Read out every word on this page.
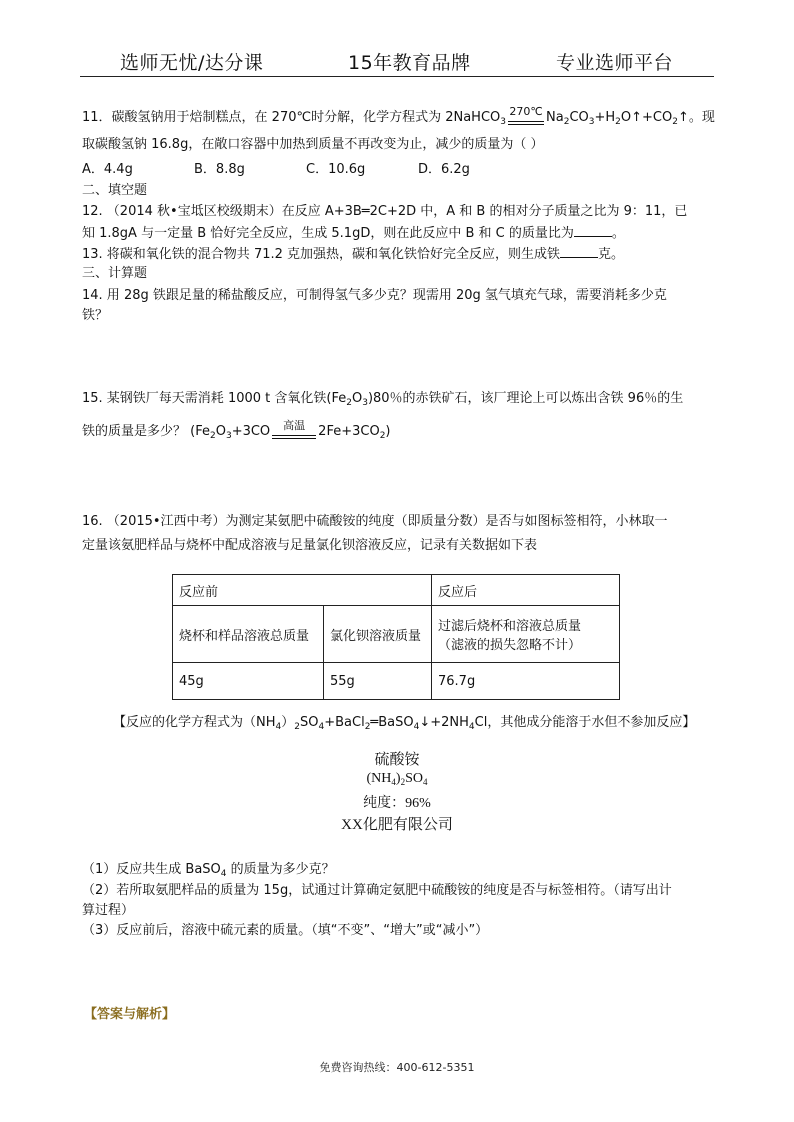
选师无忧/达分课	15年教育品牌	专业选师平台
11．碳酸氢钠用于焙制糕点，在 270℃时分解，化学方程式为 2NaHCO$_3$
270℃ $Na_2CO_3+H_2O↑+CO_2↑$。现
取碳酸氢钠 16.8g，在敞口容器中加热到质量不再改变为止，减少的质量为（ ）
A．4.4g	B．8.8g	C．10.6g	D．6.2g
二、填空题
12. （2014 秋•宝坻区校级期末）在反应 A+3B═2C+2D 中，A 和 B 的相对分子质量之比为 9：11，已
知 1.8gA 与一定量 B 恰好完全反应，生成 5.1gD，则在此反应中 B 和 C 的质量比为	。
13. 将碳和氧化铁的混合物共 71.2 克加强热，碳和氧化铁恰好完全反应，则生成铁	克。
三、计算题
14. 用 28g 铁跟足量的稀盐酸反应，可制得氢气多少克？现需用 20g 氢气填充气球，需要消耗多少克
铁？
15. 某钢铁厂每天需消耗 1000 t 含氧化铁$(Fe_2O_3)80$％的赤铁矿石，该厂理论上可以炼出含铁 96％的生
铁的质量是多少？ ($Fe_2O_3+3CO$	高温	$2Fe+3CO_2$)
16. （2015•江西中考）为测定某氨肥中硫酸铵的纯度（即质量分数）是否与如图标签相符，小林取一
定量该氨肥样品与烧杯中配成溶液与足量氯化钡溶液反应，记录有关数据如下表
反应前		反应后
烧杯和样品溶液总质量	氯化钡溶液质量	过滤后烧杯和溶液总质量
（滤液的损失忽略不计）

45g	55g	76.7g
【反应的化学方程式为$(NH_4)_2SO_4+BaCl_2═BaSO_4↓+2NH_4Cl$，其他成分能溶于水但不参加反应】
硫酸铵
$(NH_4)_2SO_4$
纯度：96%
XX化肥有限公司
（1）反应共生成 BaSO$_4$ 的质量为多少克？
（2）若所取氨肥样品的质量为 15g，试通过计算确定氨肥中硫酸铵的纯度是否与标签相符。（请写出计
算过程）
（3）反应前后，溶液中硫元素的质量。（填“不变”、“增大”或“减小”）
【答案与解析】
免费咨询热线：400-612-5351
